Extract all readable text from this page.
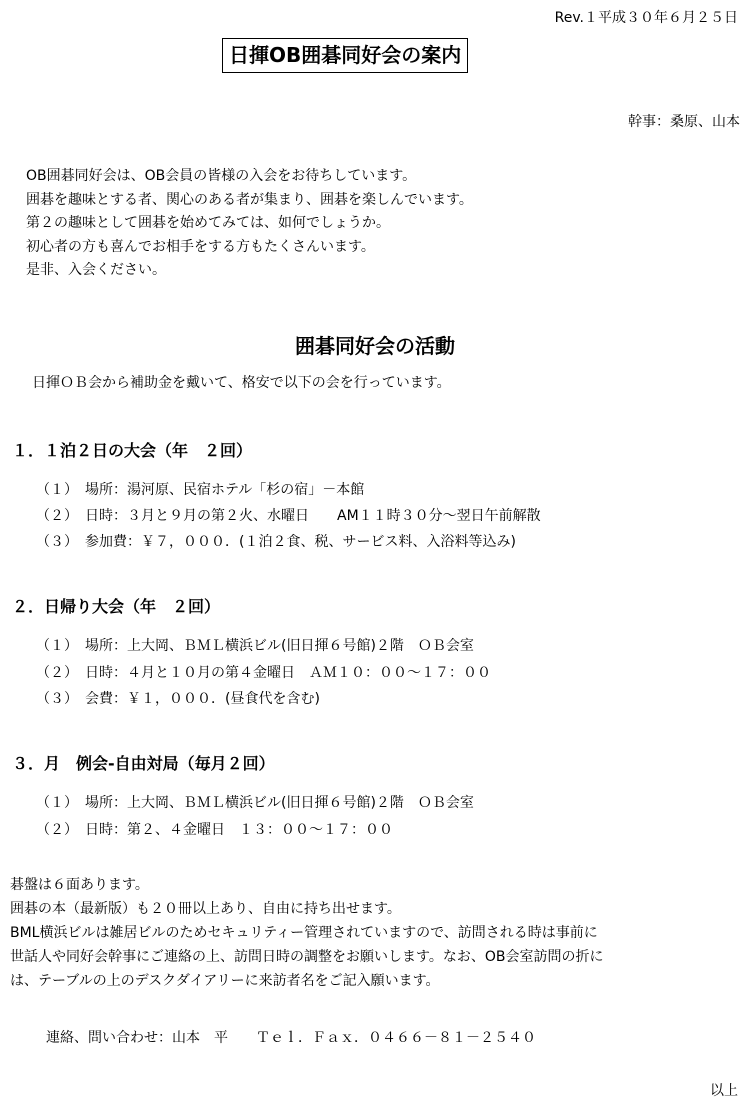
Rev.１平成３０年６月２５日
日揮OB囲碁同好会の案内
幹事：桑原、山本
OB囲碁同好会は、OB会員の皆様の入会をお待ちしています。
囲碁を趣味とする者、関心のある者が集まり、囲碁を楽しんでいます。
第２の趣味として囲碁を始めてみては、如何でしょうか。
初心者の方も喜んでお相手をする方もたくさんいます。
是非、入会ください。
囲碁同好会の活動
日揮ＯＢ会から補助金を戴いて、格安で以下の会を行っています。
１．１泊２日の大会（年　２回）
（１）　場所：湯河原、民宿ホテル「杉の宿」－本館
（２）　日時：３月と９月の第２火、水曜日　　AM１１時３０分～翌日午前解散
（３）　参加費：￥７，０００．(１泊２食、税、サービス料、入浴料等込み)
２．日帰り大会（年　２回）
（１）　場所：上大岡、ＢＭＬ横浜ビル(旧日揮６号館)２階　ＯＢ会室
（２）　日時：４月と１０月の第４金曜日　ＡＭ１０：００～１７：００
（３）　会費：￥１，０００．(昼食代を含む)
３．月　例会-自由対局（毎月２回）
（１）　場所：上大岡、ＢＭＬ横浜ビル(旧日揮６号館)２階　ＯＢ会室
（２）　日時：第２、４金曜日　１３：００～１７：００
碁盤は６面あります。
囲碁の本（最新版）も２０冊以上あり、自由に持ち出せます。
BML横浜ビルは雑居ビルのためセキュリティー管理されていますので、訪問される時は事前に
世話人や同好会幹事にご連絡の上、訪問日時の調整をお願いします。なお、OB会室訪問の折に
は、テーブルの上のデスクダイアリーに来訪者名をご記入願います。
連絡、問い合わせ：山本　平　　Ｔｅｌ．Ｆａｘ．０４６６－８１－２５４０
以上
